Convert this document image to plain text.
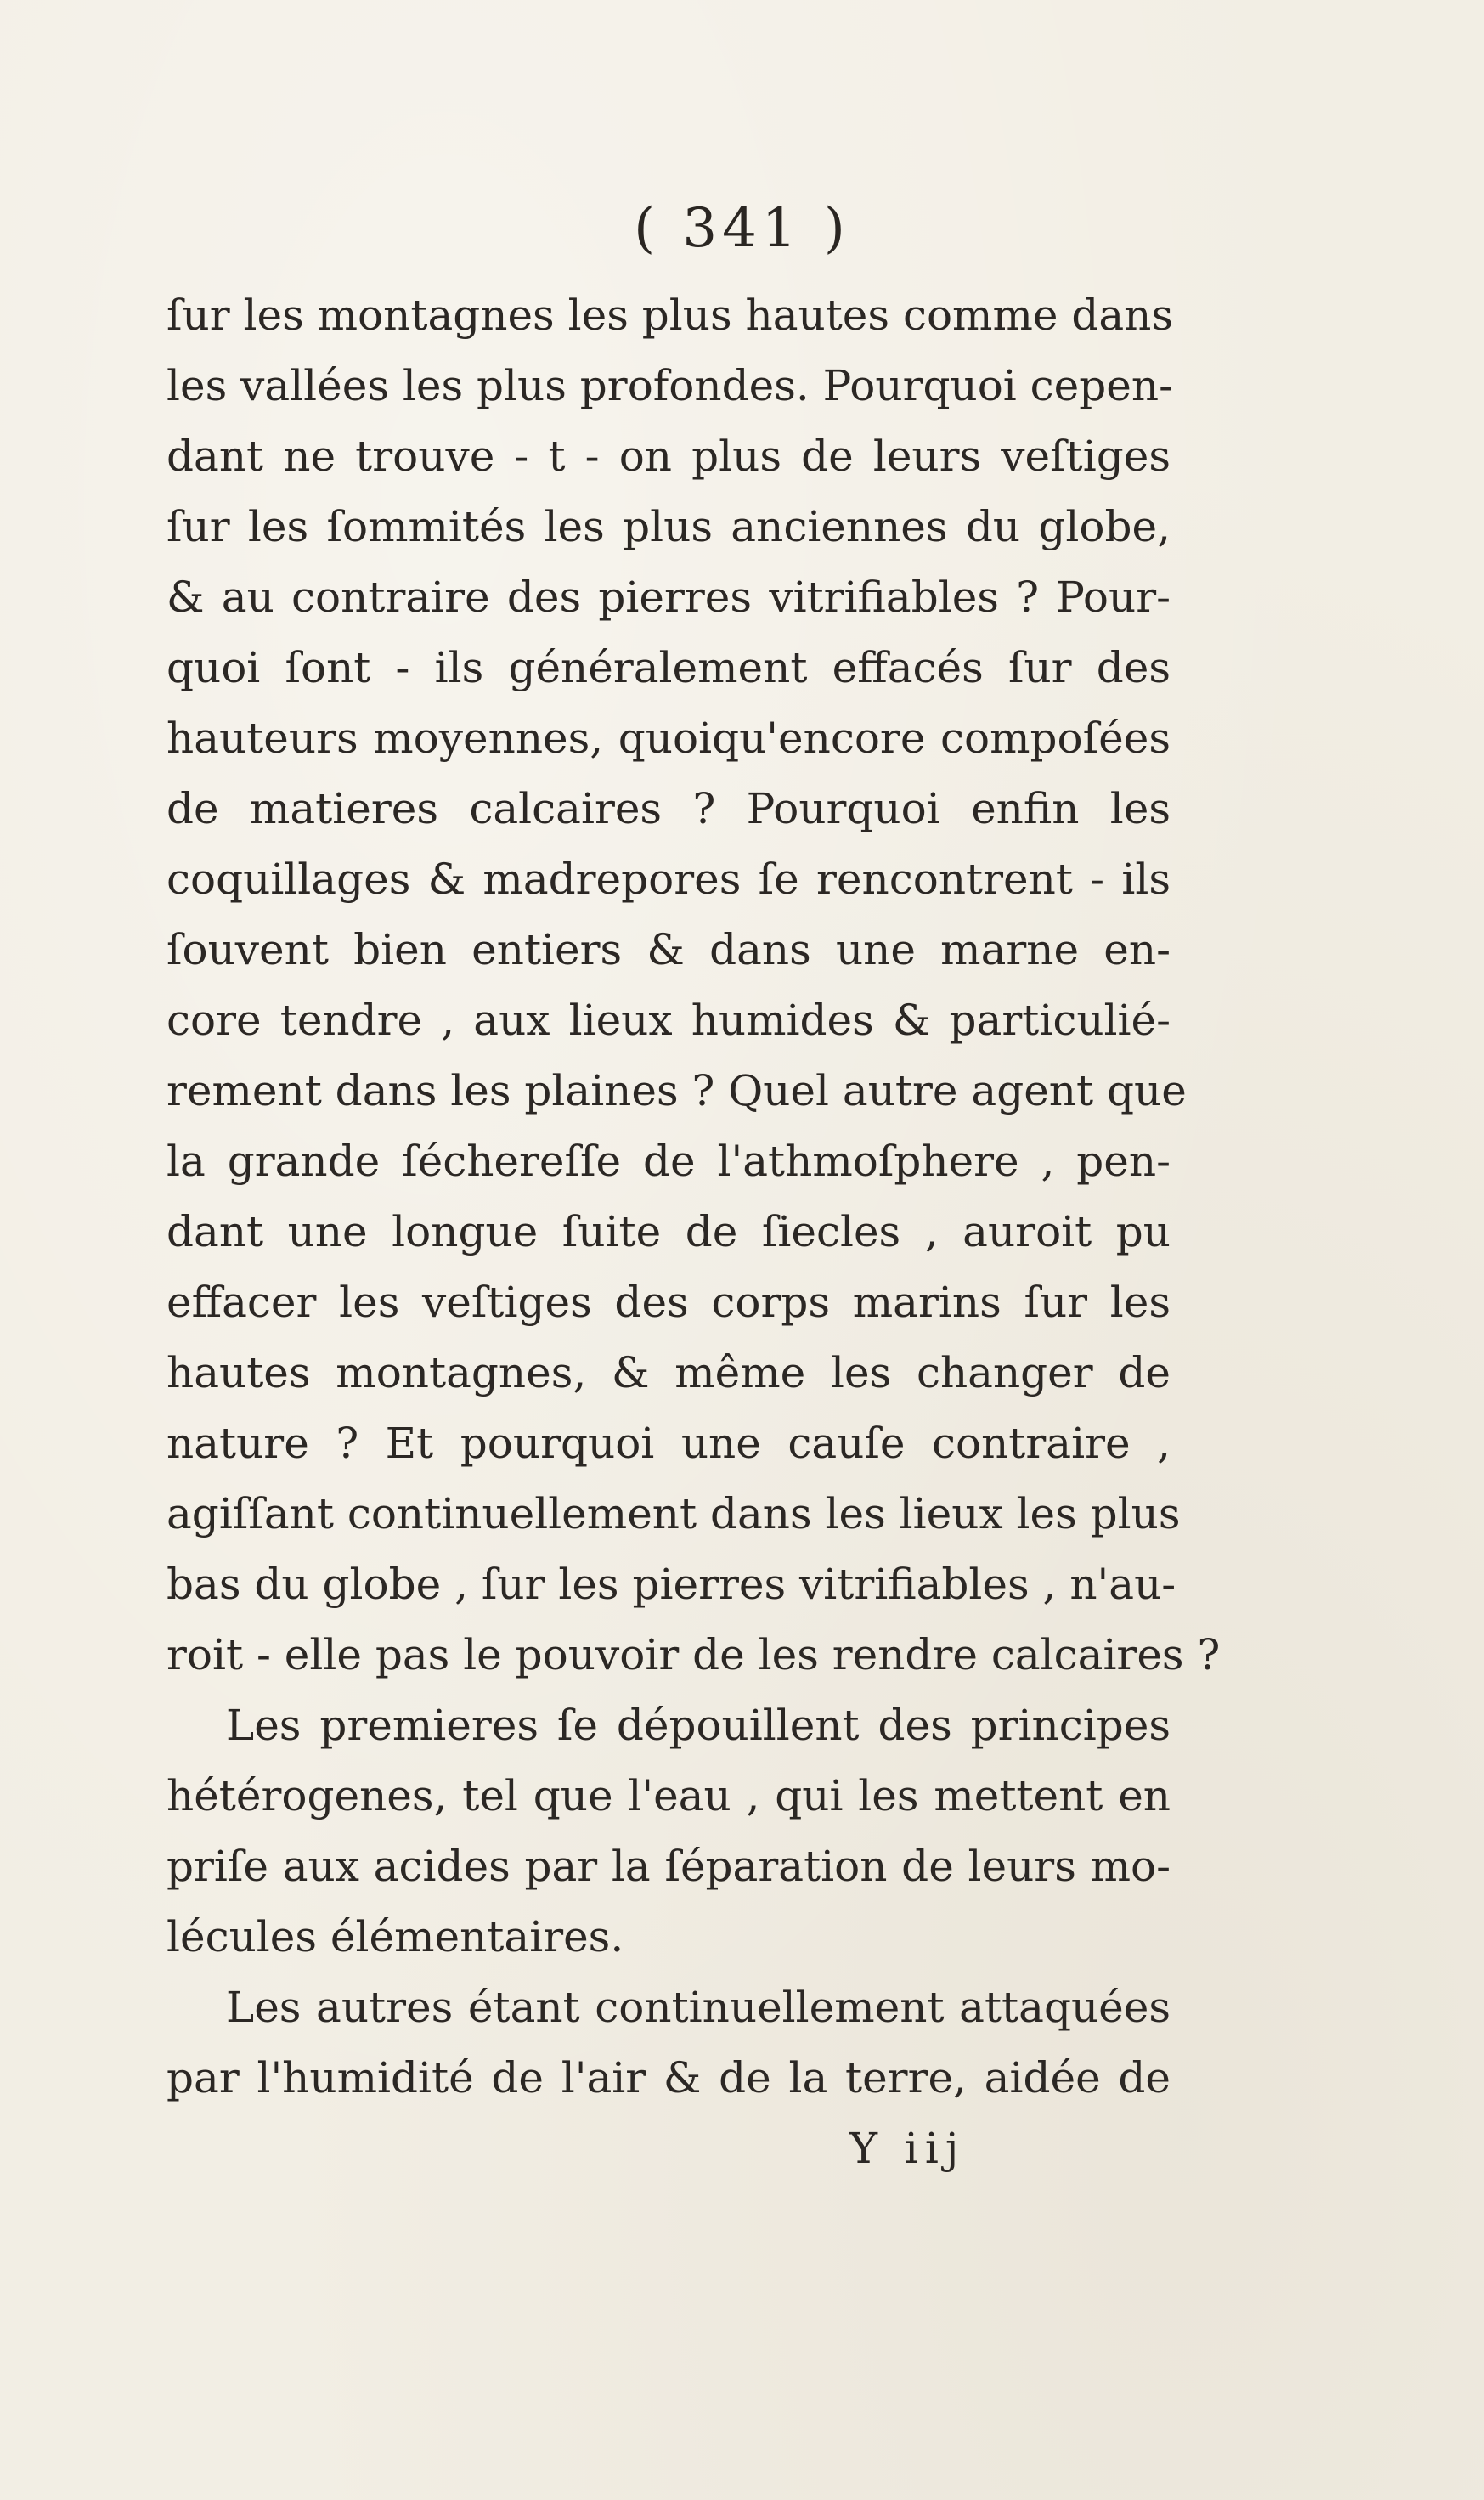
( 341 )
ſur les montagnes les plus hautes comme dans
les vallées les plus profondes. Pourquoi cepen-
dant ne trouve - t - on plus de leurs veſtiges
ſur les ſommités les plus anciennes du globe,
& au contraire des pierres vitrifiables ? Pour-
quoi ſont - ils généralement effacés ſur des
hauteurs moyennes, quoiqu'encore compoſées
de matieres calcaires ? Pourquoi enfin les
coquillages & madrepores ſe rencontrent - ils
ſouvent bien entiers & dans une marne en-
core tendre , aux lieux humides & particulié-
rement dans les plaines ? Quel autre agent que
la grande ſéchereſſe de l'athmoſphere , pen-
dant une longue ſuite de ſiecles , auroit pu
effacer les veſtiges des corps marins ſur les
hautes montagnes, & même les changer de
nature ? Et pourquoi une cauſe contraire ,
agiſſant continuellement dans les lieux les plus
bas du globe , ſur les pierres vitrifiables , n'au-
roit - elle pas le pouvoir de les rendre calcaires ?
Les premieres ſe dépouillent des principes
hétérogenes, tel que l'eau , qui les mettent en
priſe aux acides par la ſéparation de leurs mo-
lécules élémentaires.
Les autres étant continuellement attaquées
par l'humidité de l'air & de la terre, aidée de
Y iij
